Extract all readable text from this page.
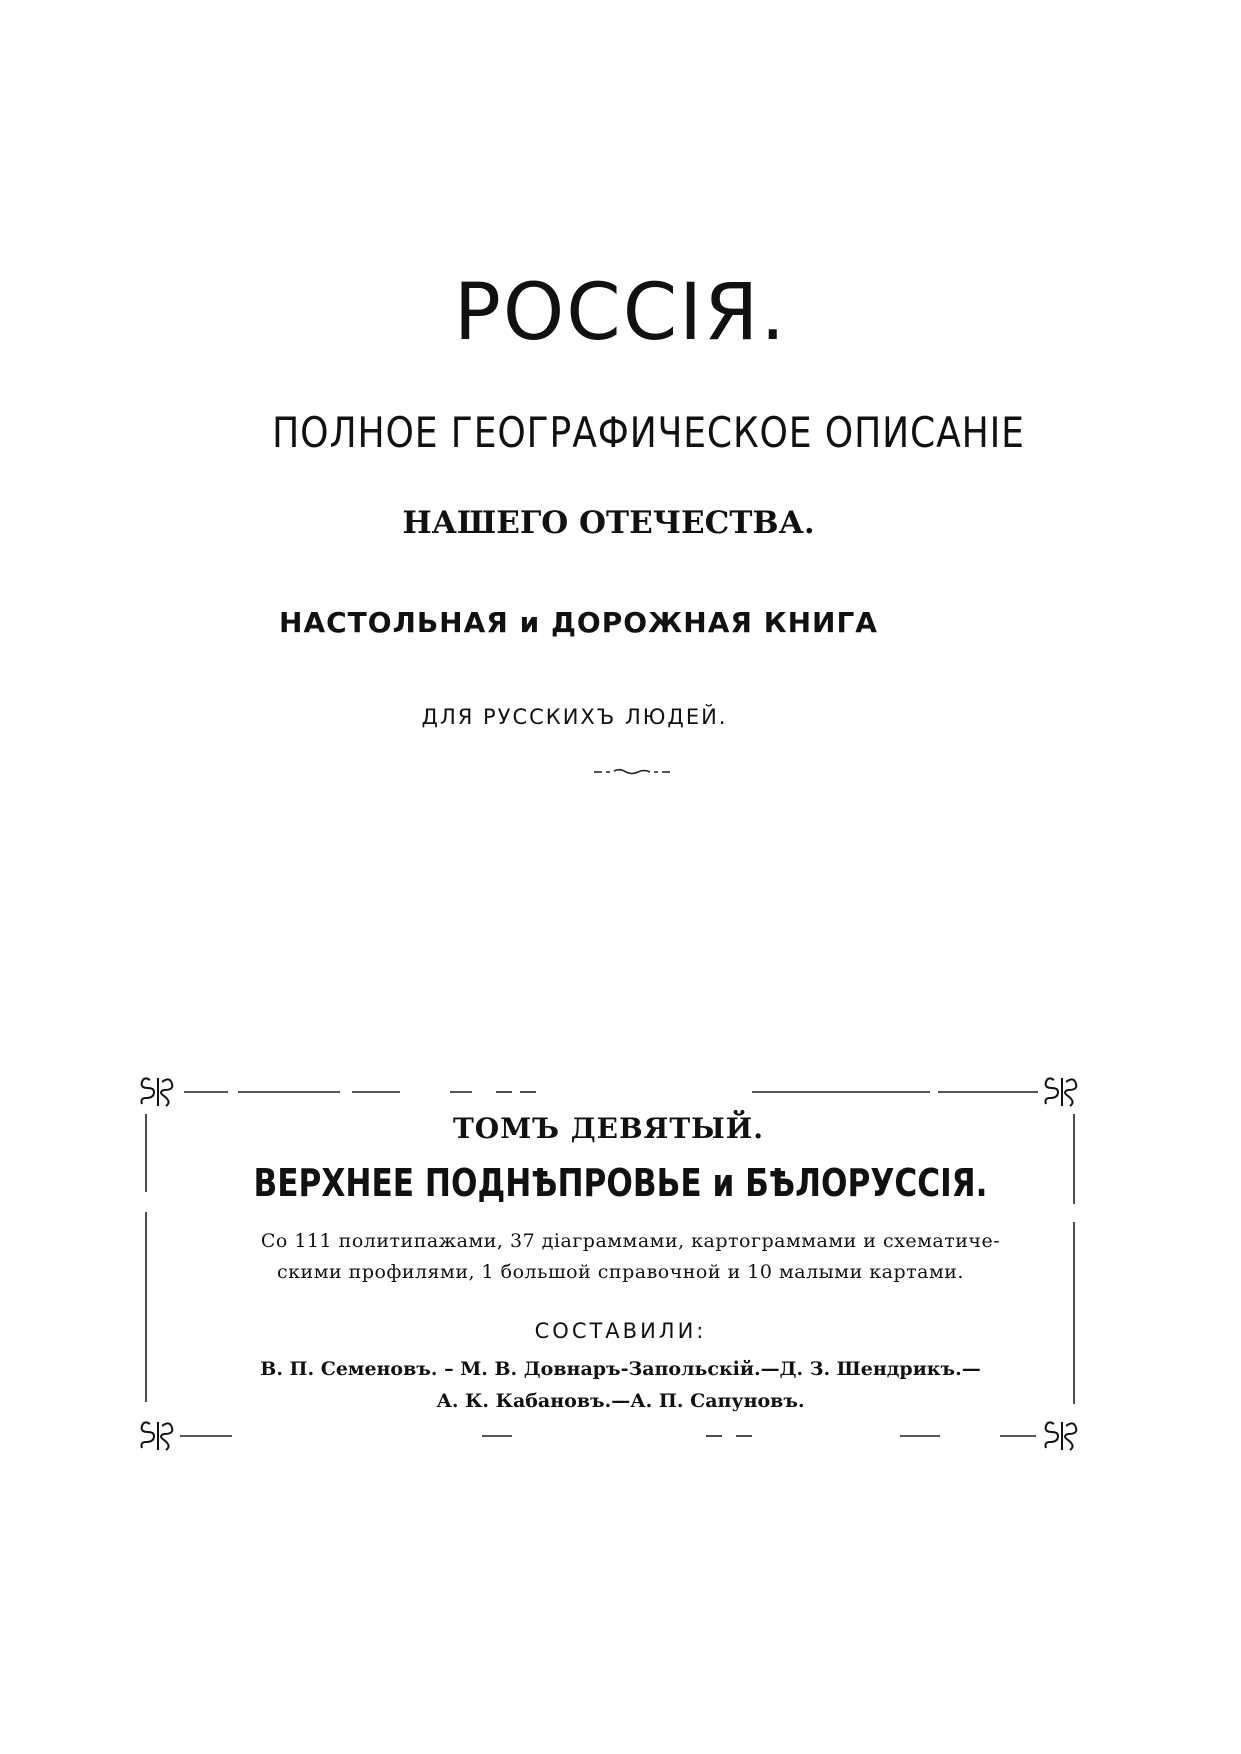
РОССІЯ.
ПОЛНОЕ ГЕОГРАФИЧЕСКОЕ ОПИСАНІЕ
НАШЕГО ОТЕЧЕСТВА.
НАСТОЛЬНАЯ и ДОРОЖНАЯ КНИГА
ДЛЯ РУССКИХЪ ЛЮДЕЙ.
ТОМЪ ДЕВЯТЫЙ.
ВЕРХНЕЕ ПОДНѢПРОВЬЕ и БѢЛОРУССІЯ.
Со 111 политипажами, 37 діаграммами, картограммами и схематиче-
скими профилями, 1 большой справочной и 10 малыми картами.
СОСТАВИЛИ:
В. П. Семеновъ. – М. В. Довнаръ-Запольскій.—Д. З. Шендрикъ.—
А. К. Кабановъ.—А. П. Сапуновъ.
